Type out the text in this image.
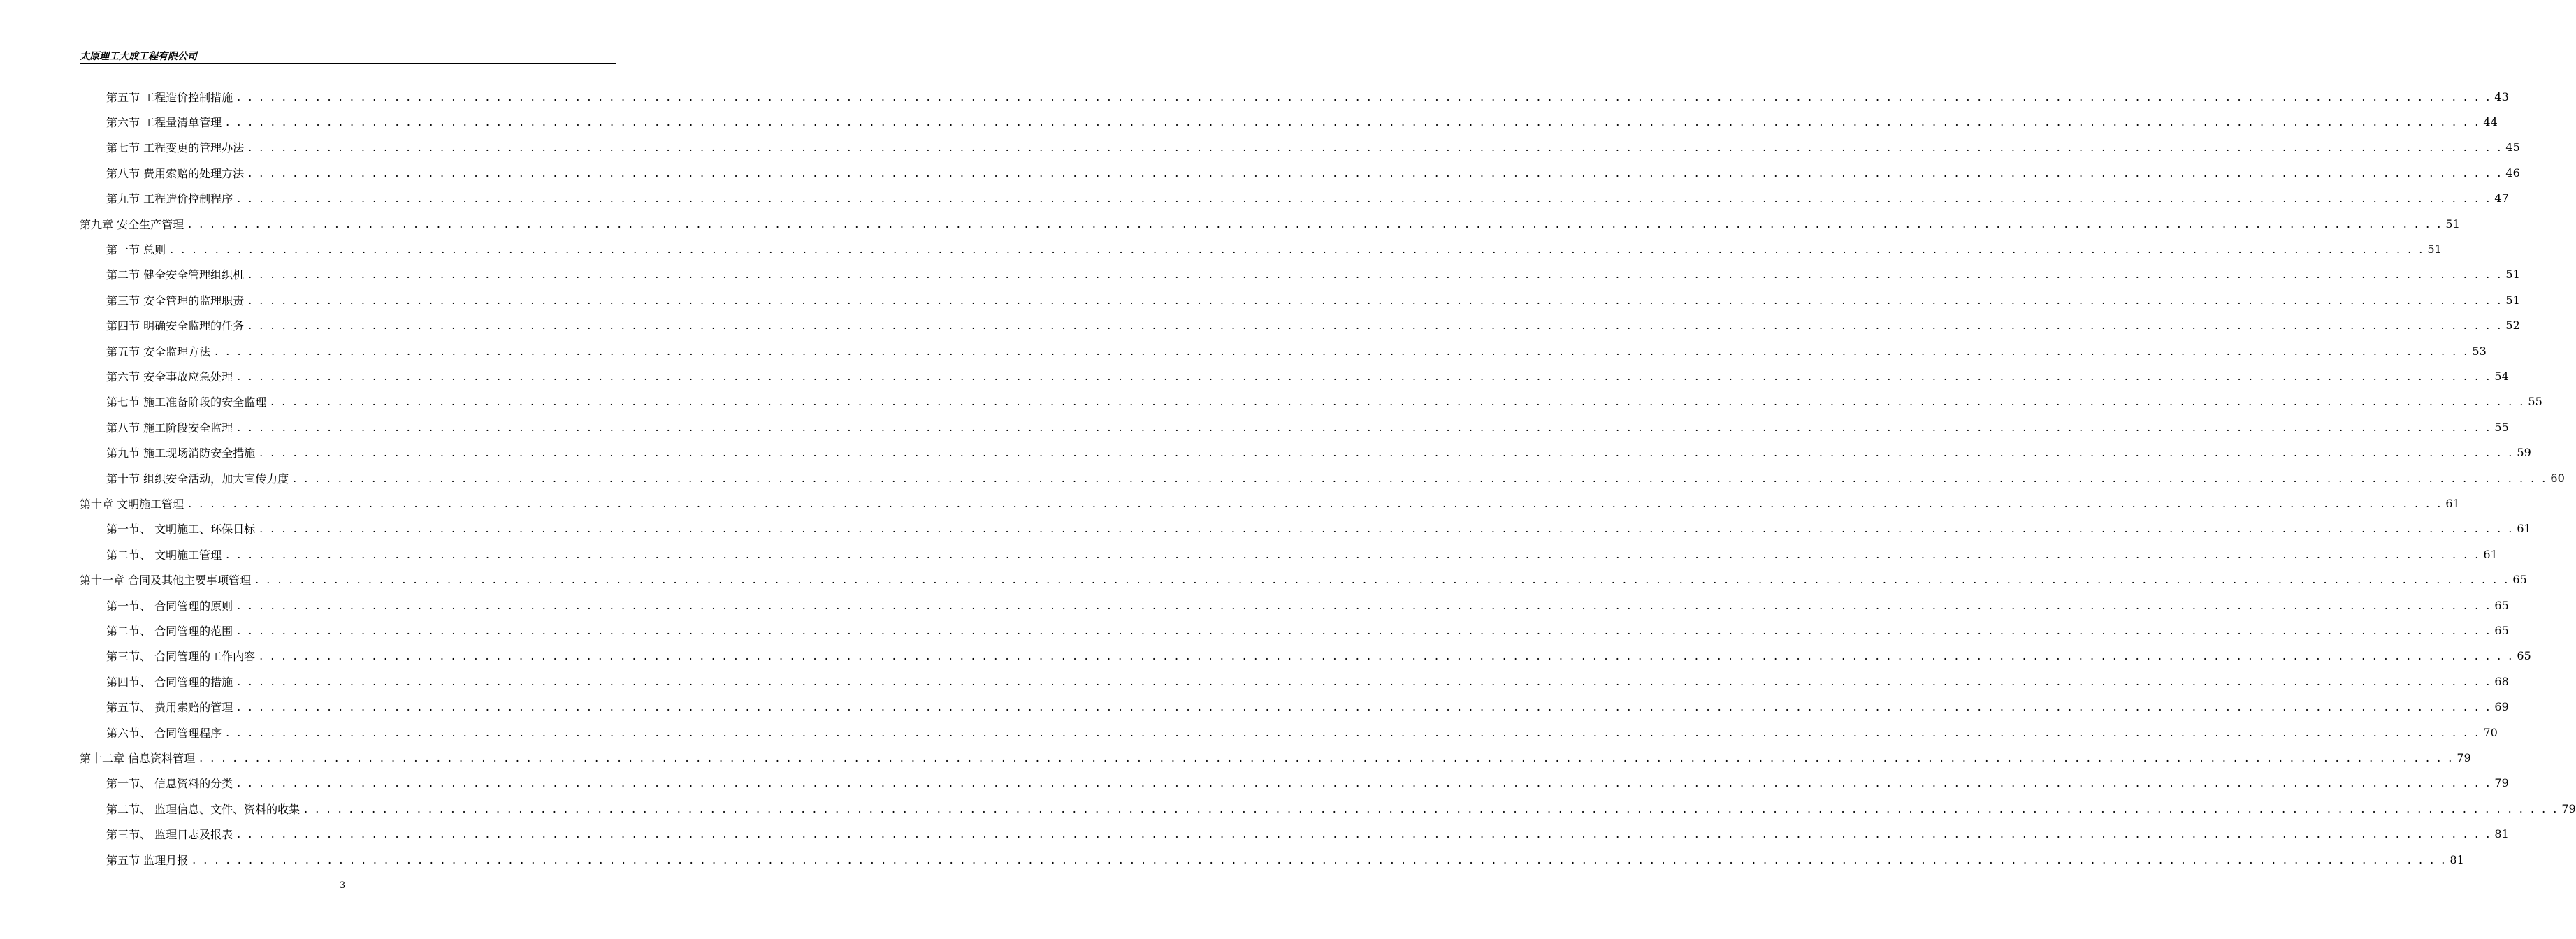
太原理工大成工程有限公司
第五节 工程造价控制措施 . . . . . . . . . . . . . . . . . . . . . . . . . . . . . . . . . . . . . . . . . . . . . . . . . . . . . . . . . . . . . . . . . . . . . . . . . . . . . . . . . . . . . . . . . . . . . . . . . . . . . . . . . . . . . . . . . . . . . . . . . . . . . . . . . . . . . . . . . . . . . . . . . . . . . . . . . . . . . . . . . . . . . . . . . . . . . . . . . . . . . . . . . . . . . . . . . . . . . . . . 43
第六节 工程量清单管理 . . . . . . . . . . . . . . . . . . . . . . . . . . . . . . . . . . . . . . . . . . . . . . . . . . . . . . . . . . . . . . . . . . . . . . . . . . . . . . . . . . . . . . . . . . . . . . . . . . . . . . . . . . . . . . . . . . . . . . . . . . . . . . . . . . . . . . . . . . . . . . . . . . . . . . . . . . . . . . . . . . . . . . . . . . . . . . . . . . . . . . . . . . . . . . . . . . . . . . . . 44
第七节 工程变更的管理办法 . . . . . . . . . . . . . . . . . . . . . . . . . . . . . . . . . . . . . . . . . . . . . . . . . . . . . . . . . . . . . . . . . . . . . . . . . . . . . . . . . . . . . . . . . . . . . . . . . . . . . . . . . . . . . . . . . . . . . . . . . . . . . . . . . . . . . . . . . . . . . . . . . . . . . . . . . . . . . . . . . . . . . . . . . . . . . . . . . . . . . . . . . . . . . . . . . . . . . . . . 45
第八节 费用索赔的处理方法 . . . . . . . . . . . . . . . . . . . . . . . . . . . . . . . . . . . . . . . . . . . . . . . . . . . . . . . . . . . . . . . . . . . . . . . . . . . . . . . . . . . . . . . . . . . . . . . . . . . . . . . . . . . . . . . . . . . . . . . . . . . . . . . . . . . . . . . . . . . . . . . . . . . . . . . . . . . . . . . . . . . . . . . . . . . . . . . . . . . . . . . . . . . . . . . . . . . . . . . . 46
第九节 工程造价控制程序 . . . . . . . . . . . . . . . . . . . . . . . . . . . . . . . . . . . . . . . . . . . . . . . . . . . . . . . . . . . . . . . . . . . . . . . . . . . . . . . . . . . . . . . . . . . . . . . . . . . . . . . . . . . . . . . . . . . . . . . . . . . . . . . . . . . . . . . . . . . . . . . . . . . . . . . . . . . . . . . . . . . . . . . . . . . . . . . . . . . . . . . . . . . . . . . . . . . . . . . . 47
第九章 安全生产管理 . . . . . . . . . . . . . . . . . . . . . . . . . . . . . . . . . . . . . . . . . . . . . . . . . . . . . . . . . . . . . . . . . . . . . . . . . . . . . . . . . . . . . . . . . . . . . . . . . . . . . . . . . . . . . . . . . . . . . . . . . . . . . . . . . . . . . . . . . . . . . . . . . . . . . . . . . . . . . . . . . . . . . . . . . . . . . . . . . . . . . . . . . . . . . . . . . . . . . . . . 51
第一节 总则 . . . . . . . . . . . . . . . . . . . . . . . . . . . . . . . . . . . . . . . . . . . . . . . . . . . . . . . . . . . . . . . . . . . . . . . . . . . . . . . . . . . . . . . . . . . . . . . . . . . . . . . . . . . . . . . . . . . . . . . . . . . . . . . . . . . . . . . . . . . . . . . . . . . . . . . . . . . . . . . . . . . . . . . . . . . . . . . . . . . . . . . . . . . . . . . . . . . . . . . . 51
第二节 健全安全管理组织机 . . . . . . . . . . . . . . . . . . . . . . . . . . . . . . . . . . . . . . . . . . . . . . . . . . . . . . . . . . . . . . . . . . . . . . . . . . . . . . . . . . . . . . . . . . . . . . . . . . . . . . . . . . . . . . . . . . . . . . . . . . . . . . . . . . . . . . . . . . . . . . . . . . . . . . . . . . . . . . . . . . . . . . . . . . . . . . . . . . . . . . . . . . . . . . . . . . . . . . . . 51
第三节 安全管理的监理职责 . . . . . . . . . . . . . . . . . . . . . . . . . . . . . . . . . . . . . . . . . . . . . . . . . . . . . . . . . . . . . . . . . . . . . . . . . . . . . . . . . . . . . . . . . . . . . . . . . . . . . . . . . . . . . . . . . . . . . . . . . . . . . . . . . . . . . . . . . . . . . . . . . . . . . . . . . . . . . . . . . . . . . . . . . . . . . . . . . . . . . . . . . . . . . . . . . . . . . . . . 51
第四节 明确安全监理的任务 . . . . . . . . . . . . . . . . . . . . . . . . . . . . . . . . . . . . . . . . . . . . . . . . . . . . . . . . . . . . . . . . . . . . . . . . . . . . . . . . . . . . . . . . . . . . . . . . . . . . . . . . . . . . . . . . . . . . . . . . . . . . . . . . . . . . . . . . . . . . . . . . . . . . . . . . . . . . . . . . . . . . . . . . . . . . . . . . . . . . . . . . . . . . . . . . . . . . . . . . 52
第五节 安全监理方法 . . . . . . . . . . . . . . . . . . . . . . . . . . . . . . . . . . . . . . . . . . . . . . . . . . . . . . . . . . . . . . . . . . . . . . . . . . . . . . . . . . . . . . . . . . . . . . . . . . . . . . . . . . . . . . . . . . . . . . . . . . . . . . . . . . . . . . . . . . . . . . . . . . . . . . . . . . . . . . . . . . . . . . . . . . . . . . . . . . . . . . . . . . . . . . . . . . . . . . . . 53
第六节 安全事故应急处理 . . . . . . . . . . . . . . . . . . . . . . . . . . . . . . . . . . . . . . . . . . . . . . . . . . . . . . . . . . . . . . . . . . . . . . . . . . . . . . . . . . . . . . . . . . . . . . . . . . . . . . . . . . . . . . . . . . . . . . . . . . . . . . . . . . . . . . . . . . . . . . . . . . . . . . . . . . . . . . . . . . . . . . . . . . . . . . . . . . . . . . . . . . . . . . . . . . . . . . . . 54
第七节 施工准备阶段的安全监理 . . . . . . . . . . . . . . . . . . . . . . . . . . . . . . . . . . . . . . . . . . . . . . . . . . . . . . . . . . . . . . . . . . . . . . . . . . . . . . . . . . . . . . . . . . . . . . . . . . . . . . . . . . . . . . . . . . . . . . . . . . . . . . . . . . . . . . . . . . . . . . . . . . . . . . . . . . . . . . . . . . . . . . . . . . . . . . . . . . . . . . . . . . . . . . . . . . . . . . . . 55
第八节 施工阶段安全监理 . . . . . . . . . . . . . . . . . . . . . . . . . . . . . . . . . . . . . . . . . . . . . . . . . . . . . . . . . . . . . . . . . . . . . . . . . . . . . . . . . . . . . . . . . . . . . . . . . . . . . . . . . . . . . . . . . . . . . . . . . . . . . . . . . . . . . . . . . . . . . . . . . . . . . . . . . . . . . . . . . . . . . . . . . . . . . . . . . . . . . . . . . . . . . . . . . . . . . . . . 55
第九节 施工现场消防安全措施 . . . . . . . . . . . . . . . . . . . . . . . . . . . . . . . . . . . . . . . . . . . . . . . . . . . . . . . . . . . . . . . . . . . . . . . . . . . . . . . . . . . . . . . . . . . . . . . . . . . . . . . . . . . . . . . . . . . . . . . . . . . . . . . . . . . . . . . . . . . . . . . . . . . . . . . . . . . . . . . . . . . . . . . . . . . . . . . . . . . . . . . . . . . . . . . . . . . . . . . . 59
第十节 组织安全活动，加大宣传力度 . . . . . . . . . . . . . . . . . . . . . . . . . . . . . . . . . . . . . . . . . . . . . . . . . . . . . . . . . . . . . . . . . . . . . . . . . . . . . . . . . . . . . . . . . . . . . . . . . . . . . . . . . . . . . . . . . . . . . . . . . . . . . . . . . . . . . . . . . . . . . . . . . . . . . . . . . . . . . . . . . . . . . . . . . . . . . . . . . . . . . . . . . . . . . . . . . . . . . . . . 60
第十章 文明施工管理 . . . . . . . . . . . . . . . . . . . . . . . . . . . . . . . . . . . . . . . . . . . . . . . . . . . . . . . . . . . . . . . . . . . . . . . . . . . . . . . . . . . . . . . . . . . . . . . . . . . . . . . . . . . . . . . . . . . . . . . . . . . . . . . . . . . . . . . . . . . . . . . . . . . . . . . . . . . . . . . . . . . . . . . . . . . . . . . . . . . . . . . . . . . . . . . . . . . . . . . . 61
第一节、 文明施工、环保目标 . . . . . . . . . . . . . . . . . . . . . . . . . . . . . . . . . . . . . . . . . . . . . . . . . . . . . . . . . . . . . . . . . . . . . . . . . . . . . . . . . . . . . . . . . . . . . . . . . . . . . . . . . . . . . . . . . . . . . . . . . . . . . . . . . . . . . . . . . . . . . . . . . . . . . . . . . . . . . . . . . . . . . . . . . . . . . . . . . . . . . . . . . . . . . . . . . . . . . . . . 61
第二节、 文明施工管理 . . . . . . . . . . . . . . . . . . . . . . . . . . . . . . . . . . . . . . . . . . . . . . . . . . . . . . . . . . . . . . . . . . . . . . . . . . . . . . . . . . . . . . . . . . . . . . . . . . . . . . . . . . . . . . . . . . . . . . . . . . . . . . . . . . . . . . . . . . . . . . . . . . . . . . . . . . . . . . . . . . . . . . . . . . . . . . . . . . . . . . . . . . . . . . . . . . . . . . . . 61
第十一章 合同及其他主要事项管理 . . . . . . . . . . . . . . . . . . . . . . . . . . . . . . . . . . . . . . . . . . . . . . . . . . . . . . . . . . . . . . . . . . . . . . . . . . . . . . . . . . . . . . . . . . . . . . . . . . . . . . . . . . . . . . . . . . . . . . . . . . . . . . . . . . . . . . . . . . . . . . . . . . . . . . . . . . . . . . . . . . . . . . . . . . . . . . . . . . . . . . . . . . . . . . . . . . . . . . . . 65
第一节、 合同管理的原则 . . . . . . . . . . . . . . . . . . . . . . . . . . . . . . . . . . . . . . . . . . . . . . . . . . . . . . . . . . . . . . . . . . . . . . . . . . . . . . . . . . . . . . . . . . . . . . . . . . . . . . . . . . . . . . . . . . . . . . . . . . . . . . . . . . . . . . . . . . . . . . . . . . . . . . . . . . . . . . . . . . . . . . . . . . . . . . . . . . . . . . . . . . . . . . . . . . . . . . . . 65
第二节、 合同管理的范围 . . . . . . . . . . . . . . . . . . . . . . . . . . . . . . . . . . . . . . . . . . . . . . . . . . . . . . . . . . . . . . . . . . . . . . . . . . . . . . . . . . . . . . . . . . . . . . . . . . . . . . . . . . . . . . . . . . . . . . . . . . . . . . . . . . . . . . . . . . . . . . . . . . . . . . . . . . . . . . . . . . . . . . . . . . . . . . . . . . . . . . . . . . . . . . . . . . . . . . . . 65
第三节、 合同管理的工作内容 . . . . . . . . . . . . . . . . . . . . . . . . . . . . . . . . . . . . . . . . . . . . . . . . . . . . . . . . . . . . . . . . . . . . . . . . . . . . . . . . . . . . . . . . . . . . . . . . . . . . . . . . . . . . . . . . . . . . . . . . . . . . . . . . . . . . . . . . . . . . . . . . . . . . . . . . . . . . . . . . . . . . . . . . . . . . . . . . . . . . . . . . . . . . . . . . . . . . . . . . 65
第四节、 合同管理的措施 . . . . . . . . . . . . . . . . . . . . . . . . . . . . . . . . . . . . . . . . . . . . . . . . . . . . . . . . . . . . . . . . . . . . . . . . . . . . . . . . . . . . . . . . . . . . . . . . . . . . . . . . . . . . . . . . . . . . . . . . . . . . . . . . . . . . . . . . . . . . . . . . . . . . . . . . . . . . . . . . . . . . . . . . . . . . . . . . . . . . . . . . . . . . . . . . . . . . . . . . 68
第五节、 费用索赔的管理 . . . . . . . . . . . . . . . . . . . . . . . . . . . . . . . . . . . . . . . . . . . . . . . . . . . . . . . . . . . . . . . . . . . . . . . . . . . . . . . . . . . . . . . . . . . . . . . . . . . . . . . . . . . . . . . . . . . . . . . . . . . . . . . . . . . . . . . . . . . . . . . . . . . . . . . . . . . . . . . . . . . . . . . . . . . . . . . . . . . . . . . . . . . . . . . . . . . . . . . . 69
第六节、 合同管理程序 . . . . . . . . . . . . . . . . . . . . . . . . . . . . . . . . . . . . . . . . . . . . . . . . . . . . . . . . . . . . . . . . . . . . . . . . . . . . . . . . . . . . . . . . . . . . . . . . . . . . . . . . . . . . . . . . . . . . . . . . . . . . . . . . . . . . . . . . . . . . . . . . . . . . . . . . . . . . . . . . . . . . . . . . . . . . . . . . . . . . . . . . . . . . . . . . . . . . . . . . 70
第十二章 信息资料管理 . . . . . . . . . . . . . . . . . . . . . . . . . . . . . . . . . . . . . . . . . . . . . . . . . . . . . . . . . . . . . . . . . . . . . . . . . . . . . . . . . . . . . . . . . . . . . . . . . . . . . . . . . . . . . . . . . . . . . . . . . . . . . . . . . . . . . . . . . . . . . . . . . . . . . . . . . . . . . . . . . . . . . . . . . . . . . . . . . . . . . . . . . . . . . . . . . . . . . . . . 79
第一节、 信息资料的分类 . . . . . . . . . . . . . . . . . . . . . . . . . . . . . . . . . . . . . . . . . . . . . . . . . . . . . . . . . . . . . . . . . . . . . . . . . . . . . . . . . . . . . . . . . . . . . . . . . . . . . . . . . . . . . . . . . . . . . . . . . . . . . . . . . . . . . . . . . . . . . . . . . . . . . . . . . . . . . . . . . . . . . . . . . . . . . . . . . . . . . . . . . . . . . . . . . . . . . . . . 79
第二节、 监理信息、文件、资料的收集 . . . . . . . . . . . . . . . . . . . . . . . . . . . . . . . . . . . . . . . . . . . . . . . . . . . . . . . . . . . . . . . . . . . . . . . . . . . . . . . . . . . . . . . . . . . . . . . . . . . . . . . . . . . . . . . . . . . . . . . . . . . . . . . . . . . . . . . . . . . . . . . . . . . . . . . . . . . . . . . . . . . . . . . . . . . . . . . . . . . . . . . . . . . . . . . . . . . . . . . . 79
第三节、 监理日志及报表 . . . . . . . . . . . . . . . . . . . . . . . . . . . . . . . . . . . . . . . . . . . . . . . . . . . . . . . . . . . . . . . . . . . . . . . . . . . . . . . . . . . . . . . . . . . . . . . . . . . . . . . . . . . . . . . . . . . . . . . . . . . . . . . . . . . . . . . . . . . . . . . . . . . . . . . . . . . . . . . . . . . . . . . . . . . . . . . . . . . . . . . . . . . . . . . . . . . . . . . . 81
第五节 监理月报 . . . . . . . . . . . . . . . . . . . . . . . . . . . . . . . . . . . . . . . . . . . . . . . . . . . . . . . . . . . . . . . . . . . . . . . . . . . . . . . . . . . . . . . . . . . . . . . . . . . . . . . . . . . . . . . . . . . . . . . . . . . . . . . . . . . . . . . . . . . . . . . . . . . . . . . . . . . . . . . . . . . . . . . . . . . . . . . . . . . . . . . . . . . . . . . . . . . . . . . . 81
3
